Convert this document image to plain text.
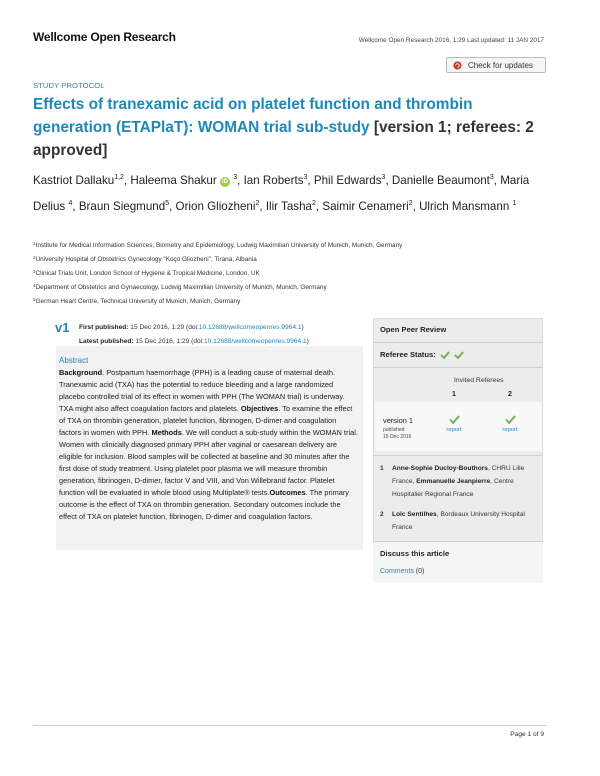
Wellcome Open Research	Wellcome Open Research 2016, 1:29 Last updated: 11 JAN 2017
Check for updates
STUDY PROTOCOL
Effects of tranexamic acid on platelet function and thrombin generation (ETAPlaT): WOMAN trial sub-study [version 1; referees: 2 approved]
Kastriot Dallaku$^{1,2}$, Haleema Shakur iD $^3$, Ian Roberts$^3$, Phil Edwards$^3$, Danielle Beaumont$^3$, Maria Delius $^4$, Braun Siegmund$^5$, Orion Gliozheni$^2$, Ilir Tasha$^2$, Saimir Cenameri$^2$, Ulrich Mansmann $^1$
$^1$Institute for Medical Information Sciences, Biometry and Epidemiology, Ludwig Maximilian University of Munich, Munich, Germany
$^2$University Hospital of Obstetrics Gynecology "Koço Gliozheni", Tirana, Albania
$^3$Clinical Trials Unit, London School of Hygiene & Tropical Medicine, London, UK
$^4$Department of Obstetrics and Gynaecology, Ludwig Maximilian University of Munich, Munich, Germany
$^5$German Heart Centre, Technical University of Munich, Munich, Germany
v1 First published: 15 Dec 2016, 1:29 (doi:10.12688/wellcomeopenres.9964.1)
Latest published: 15 Dec 2016, 1:29 (doi:10.12688/wellcomeopenres.9964.1)
Abstract
Background. Postpartum haemorrhage (PPH) is a leading cause of maternal death. Tranexamic acid (TXA) has the potential to reduce bleeding and a large randomized placebo controlled trial of its effect in women with PPH (The WOMAN trial) is underway. TXA might also affect coagulation factors and platelets. Objectives. To examine the effect of TXA on thrombin generation, platelet function, fibrinogen, D-dimer and coagulation factors in women with PPH. Methods. We will conduct a sub-study within the WOMAN trial. Women with clinically diagnosed primary PPH after vaginal or caesarean delivery are eligible for inclusion. Blood samples will be collected at baseline and 30 minutes after the first dose of study treatment. Using platelet poor plasma we will measure thrombin generation, fibrinogen, D-dimer, factor V and VIII, and Von Willebrand factor. Platelet function will be evaluated in whole blood using Multiplate® tests.Outcomes. The primary outcome is the effect of TXA on thrombin generation. Secondary outcomes include the effect of TXA on platelet function, fibrinogen, D-dimer and coagulation factors.
Open Peer Review
Referee Status:
Invited Referees
1	2
version 1
published
15 Dec 2016
report	report
1	Anne-Sophie Ducloy-Bouthors, CHRU Lille France, Emmanuelle Jeanpierre, Centre Hospitalier Régional France
2	Loïc Sentilhes, Bordeaux University Hospital France
Discuss this article
Comments (0)
Page 1 of 9
